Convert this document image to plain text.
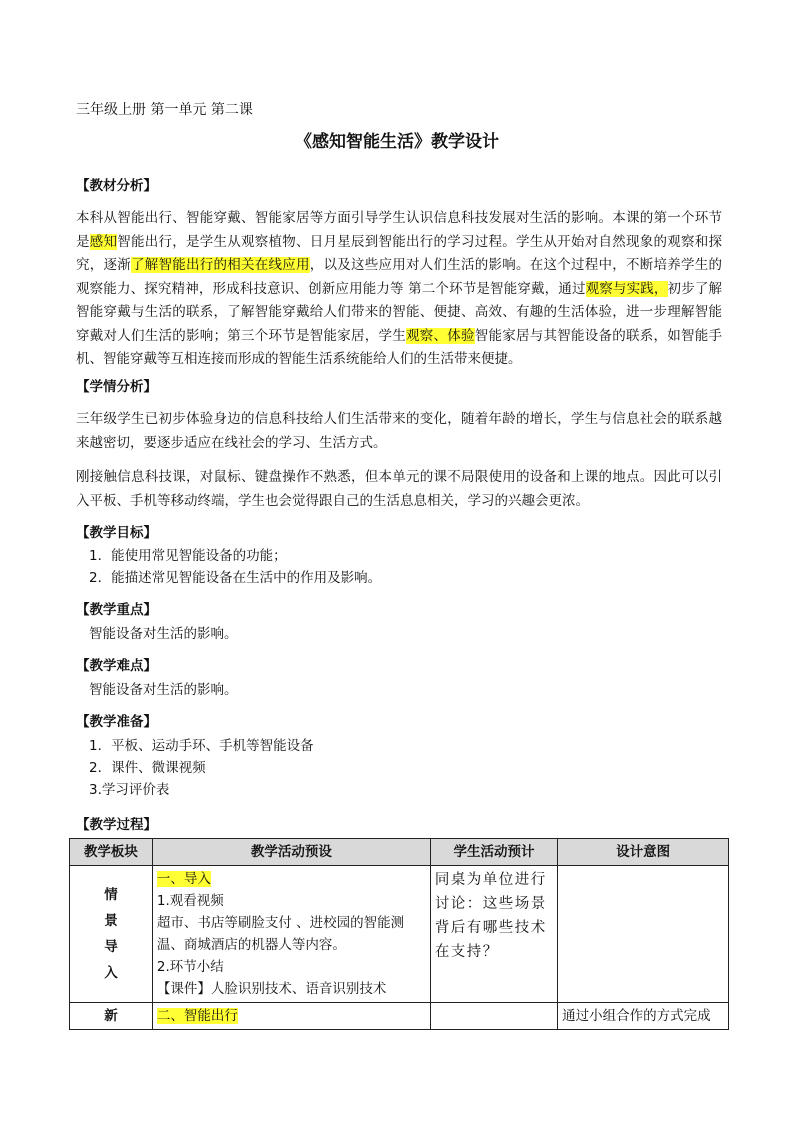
三年级上册 第一单元 第二课
《感知智能生活》教学设计
【教材分析】

本科从智能出行、智能穿戴、智能家居等方面引导学生认识信息科技发展对生活的影响。本课的第一个环节是感知智能出行，是学生从观察植物、日月星辰到智能出行的学习过程。学生从开始对自然现象的观察和探究，逐渐了解智能出行的相关在线应用，以及这些应用对人们生活的影响。在这个过程中，不断培养学生的观察能力、探究精神，形成科技意识、创新应用能力等 第二个环节是智能穿戴，通过观察与实践，初步了解智能穿戴与生活的联系，了解智能穿戴给人们带来的智能、便捷、高效、有趣的生活体验，进一步理解智能穿戴对人们生活的影响；第三个环节是智能家居，学生观察、体验智能家居与其智能设备的联系，如智能手机、智能穿戴等互相连接而形成的智能生活系统能给人们的生活带来便捷。

【学情分析】

三年级学生已初步体验身边的信息科技给人们生活带来的变化，随着年龄的增长，学生与信息社会的联系越来越密切，要逐步适应在线社会的学习、生活方式。

刚接触信息科技课，对鼠标、键盘操作不熟悉，但本单元的课不局限使用的设备和上课的地点。因此可以引入平板、手机等移动终端，学生也会觉得跟自己的生活息息相关，学习的兴趣会更浓。

【教学目标】
1．能使用常见智能设备的功能；
2．能描述常见智能设备在生活中的作用及影响。
【教学重点】
智能设备对生活的影响。
【教学难点】
智能设备对生活的影响。
【教学准备】
1．平板、运动手环、手机等智能设备
2．课件、微课视频
3.学习评价表
【教学过程】
教学板块	教学活动预设	学生活动预计	设计意图

情
景
导
入	一、导入
1.观看视频
超市、书店等刷脸支付 、进校园的智能测温、商城酒店的机器人等内容。
2.环节小结
【课件】人脸识别技术、语音识别技术	同桌为单位进行讨论：这些场景背后有哪些技术在支持？	
新	二、智能出行		通过小组合作的方式完成
